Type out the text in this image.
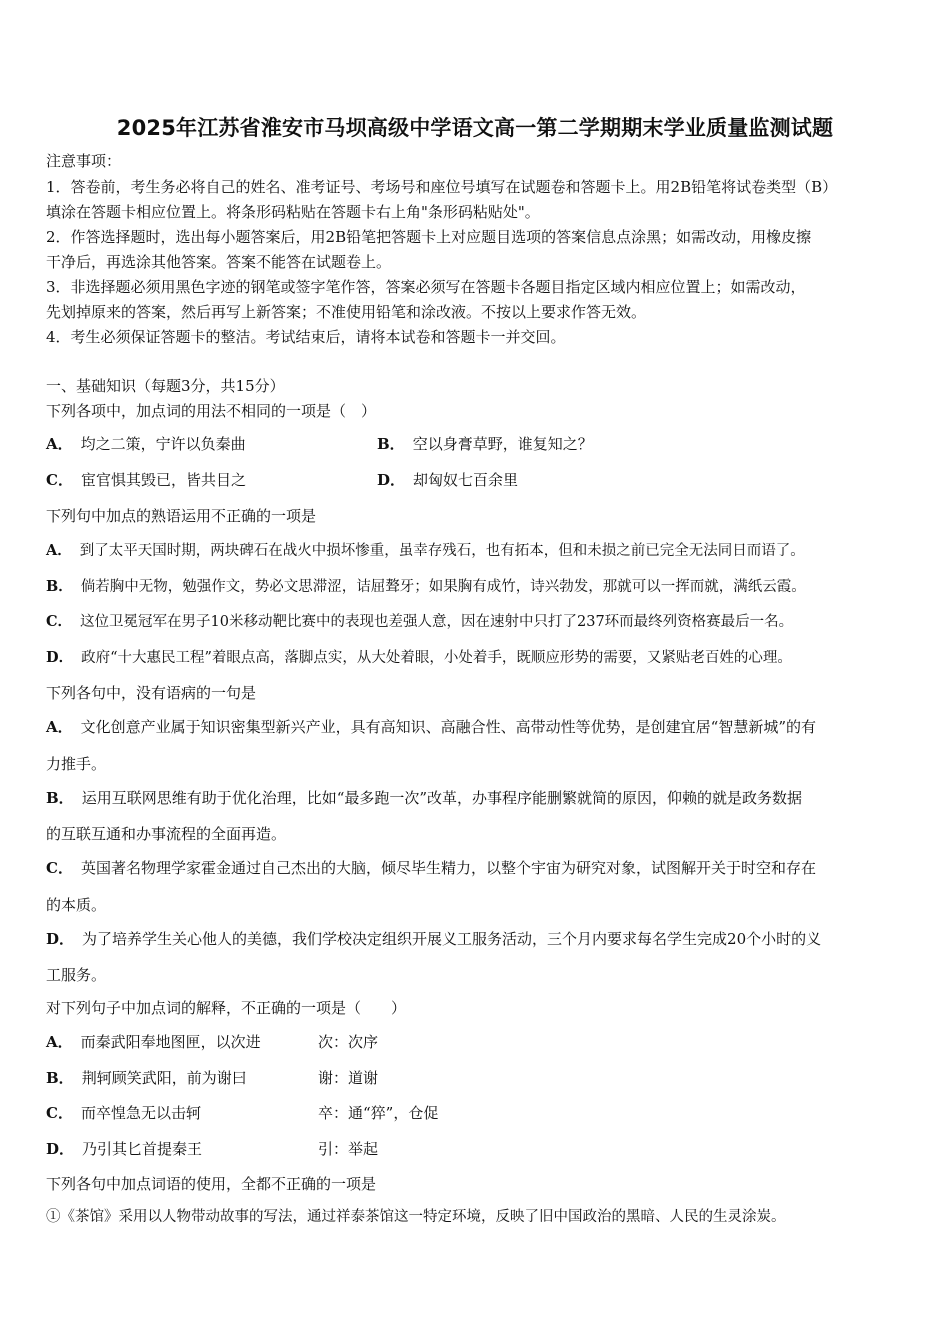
2025年江苏省淮安市马坝高级中学语文高一第二学期期末学业质量监测试题
注意事项：
1．答卷前，考生务必将自己的姓名、准考证号、考场号和座位号填写在试题卷和答题卡上。用2B铅笔将试卷类型（B）
填涂在答题卡相应位置上。将条形码粘贴在答题卡右上角"条形码粘贴处"。
2．作答选择题时，选出每小题答案后，用2B铅笔把答题卡上对应题目选项的答案信息点涂黑；如需改动，用橡皮擦
干净后，再选涂其他答案。答案不能答在试题卷上。
3．非选择题必须用黑色字迹的钢笔或签字笔作答，答案必须写在答题卡各题目指定区域内相应位置上；如需改动，
先划掉原来的答案，然后再写上新答案；不准使用铅笔和涂改液。不按以上要求作答无效。
4．考生必须保证答题卡的整洁。考试结束后，请将本试卷和答题卡一并交回。
一、基础知识（每题3分，共15分）
下列各项中，加点词的用法不相同的一项是（　）
A． 均之二策，宁许以负秦曲	B． 空以身膏草野，谁复知之？
C． 宦官惧其毁已，皆共目之	D． 却匈奴七百余里
下列句中加点的熟语运用不正确的一项是
A． 到了太平天国时期，两块碑石在战火中损坏惨重，虽幸存残石，也有拓本，但和未损之前已完全无法同日而语了。
B． 倘若胸中无物，勉强作文，势必文思滞涩，诘屈聱牙；如果胸有成竹，诗兴勃发，那就可以一挥而就，满纸云霞。
C． 这位卫冕冠军在男子10米移动靶比赛中的表现也差强人意，因在速射中只打了237环而最终列资格赛最后一名。
D． 政府“十大惠民工程”着眼点高，落脚点实，从大处着眼，小处着手，既顺应形势的需要，又紧贴老百姓的心理。
下列各句中，没有语病的一句是
A． 文化创意产业属于知识密集型新兴产业，具有高知识、高融合性、高带动性等优势，是创建宜居“智慧新城”的有
力推手。
B． 运用互联网思维有助于优化治理，比如“最多跑一次”改革，办事程序能删繁就简的原因，仰赖的就是政务数据
的互联互通和办事流程的全面再造。
C． 英国著名物理学家霍金通过自己杰出的大脑，倾尽毕生精力，以整个宇宙为研究对象，试图解开关于时空和存在
的本质。
D． 为了培养学生关心他人的美德，我们学校决定组织开展义工服务活动，三个月内要求每名学生完成20个小时的义
工服务。
对下列句子中加点词的解释，不正确的一项是（　　）
A． 而秦武阳奉地图匣，以次进	次：次序
B． 荆轲顾笑武阳，前为谢曰	谢：道谢
C． 而卒惶急无以击轲	卒：通“猝”，仓促
D． 乃引其匕首提秦王	引：举起
下列各句中加点词语的使用，全都不正确的一项是
①《茶馆》采用以人物带动故事的写法，通过祥泰茶馆这一特定环境，反映了旧中国政治的黑暗、人民的生灵涂炭。
